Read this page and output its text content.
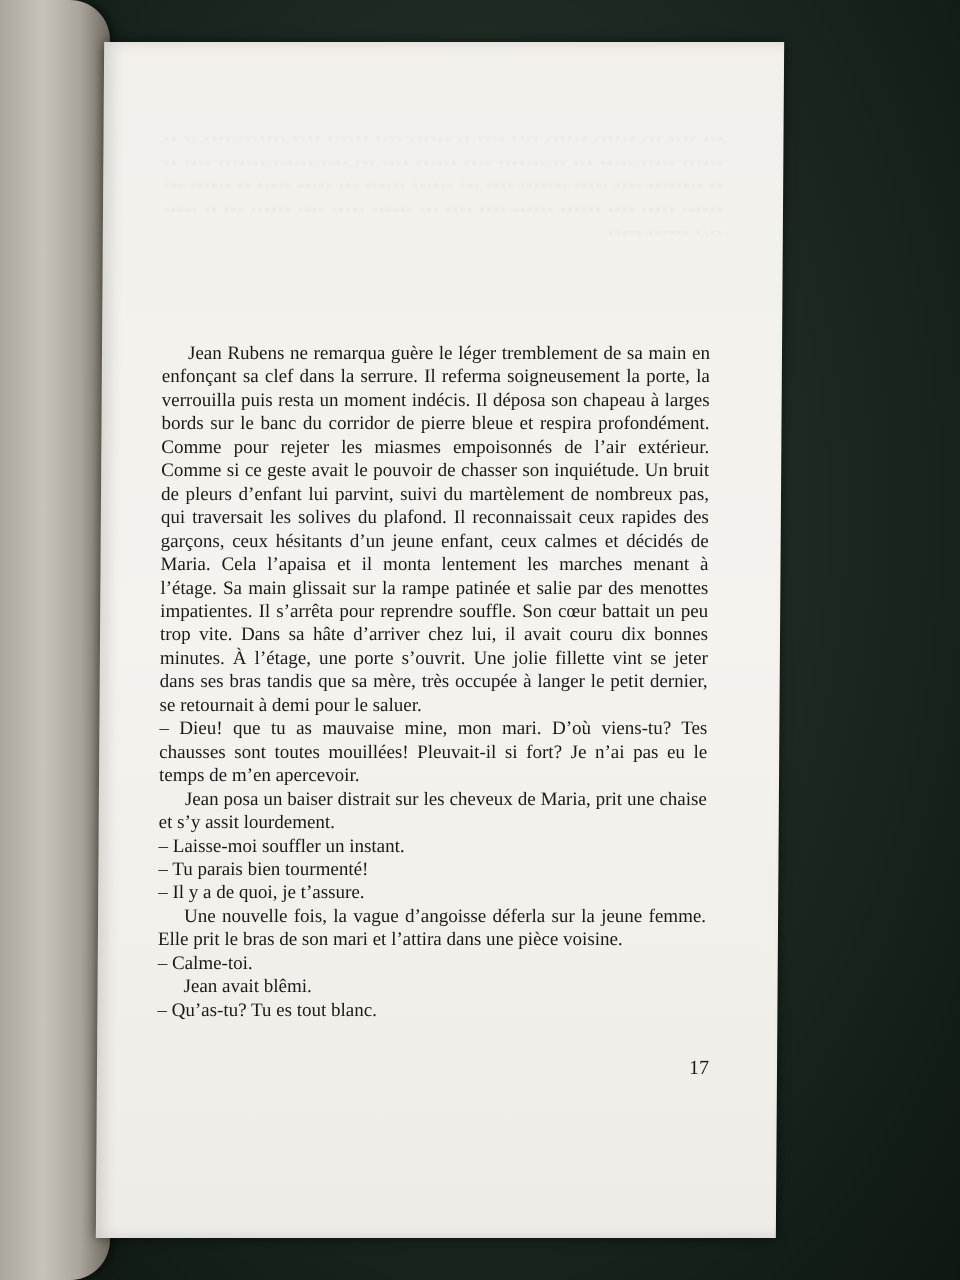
··· ···· ··· ······ ······ ···· ···· ·· ······ ···· ······ ···· ······· ···· ·· ·· ······ ····· ····· ··· ·· ······· ···· ······ ···· ··· ···· ······ ······· ···· ·· ·· ········ ···· ····· ······· ···· ··· ······ ······ ··· ····· ····· ·· ······ ··· ······ ····· ···· ······ ······ ···· ···· ··· ······ ····· ···· ······ ··· ·· ····· ···· ······ ·····

Jean Rubens ne remarqua guère le léger tremblement de sa main en enfonçant sa clef dans la serrure. Il referma soigneusement la porte, la verrouilla puis resta un moment indécis. Il déposa son chapeau à larges bords sur le banc du corridor de pierre bleue et respira profondément. Comme pour rejeter les miasmes empoisonnés de l’air extérieur. Comme si ce geste avait le pouvoir de chasser son inquiétude. Un bruit de pleurs d’enfant lui parvint, suivi du martèlement de nombreux pas, qui traversait les solives du plafond. Il reconnaissait ceux rapides des garçons, ceux hésitants d’un jeune enfant, ceux calmes et décidés de Maria. Cela l’apaisa et il monta lentement les marches menant à l’étage. Sa main glissait sur la rampe patinée et salie par des menottes impatientes. Il s’arrêta pour reprendre souffle. Son cœur battait un peu trop vite. Dans sa hâte d’arriver chez lui, il avait couru dix bonnes minutes. À l’étage, une porte s’ouvrit. Une jolie fillette vint se jeter dans ses bras tandis que sa mère, très occupée à langer le petit dernier, se retournait à demi pour le saluer.

– Dieu! que tu as mauvaise mine, mon mari. D’où viens-tu? Tes chausses sont toutes mouillées! Pleuvait-il si fort? Je n’ai pas eu le temps de m’en apercevoir.

Jean posa un baiser distrait sur les cheveux de Maria, prit une chaise et s’y assit lourdement.

– Laisse-moi souffler un instant.

– Tu parais bien tourmenté!

– Il y a de quoi, je t’assure.

Une nouvelle fois, la vague d’angoisse déferla sur la jeune femme. Elle prit le bras de son mari et l’attira dans une pièce voisine.

– Calme-toi.

Jean avait blêmi.

– Qu’as-tu? Tu es tout blanc.

17
